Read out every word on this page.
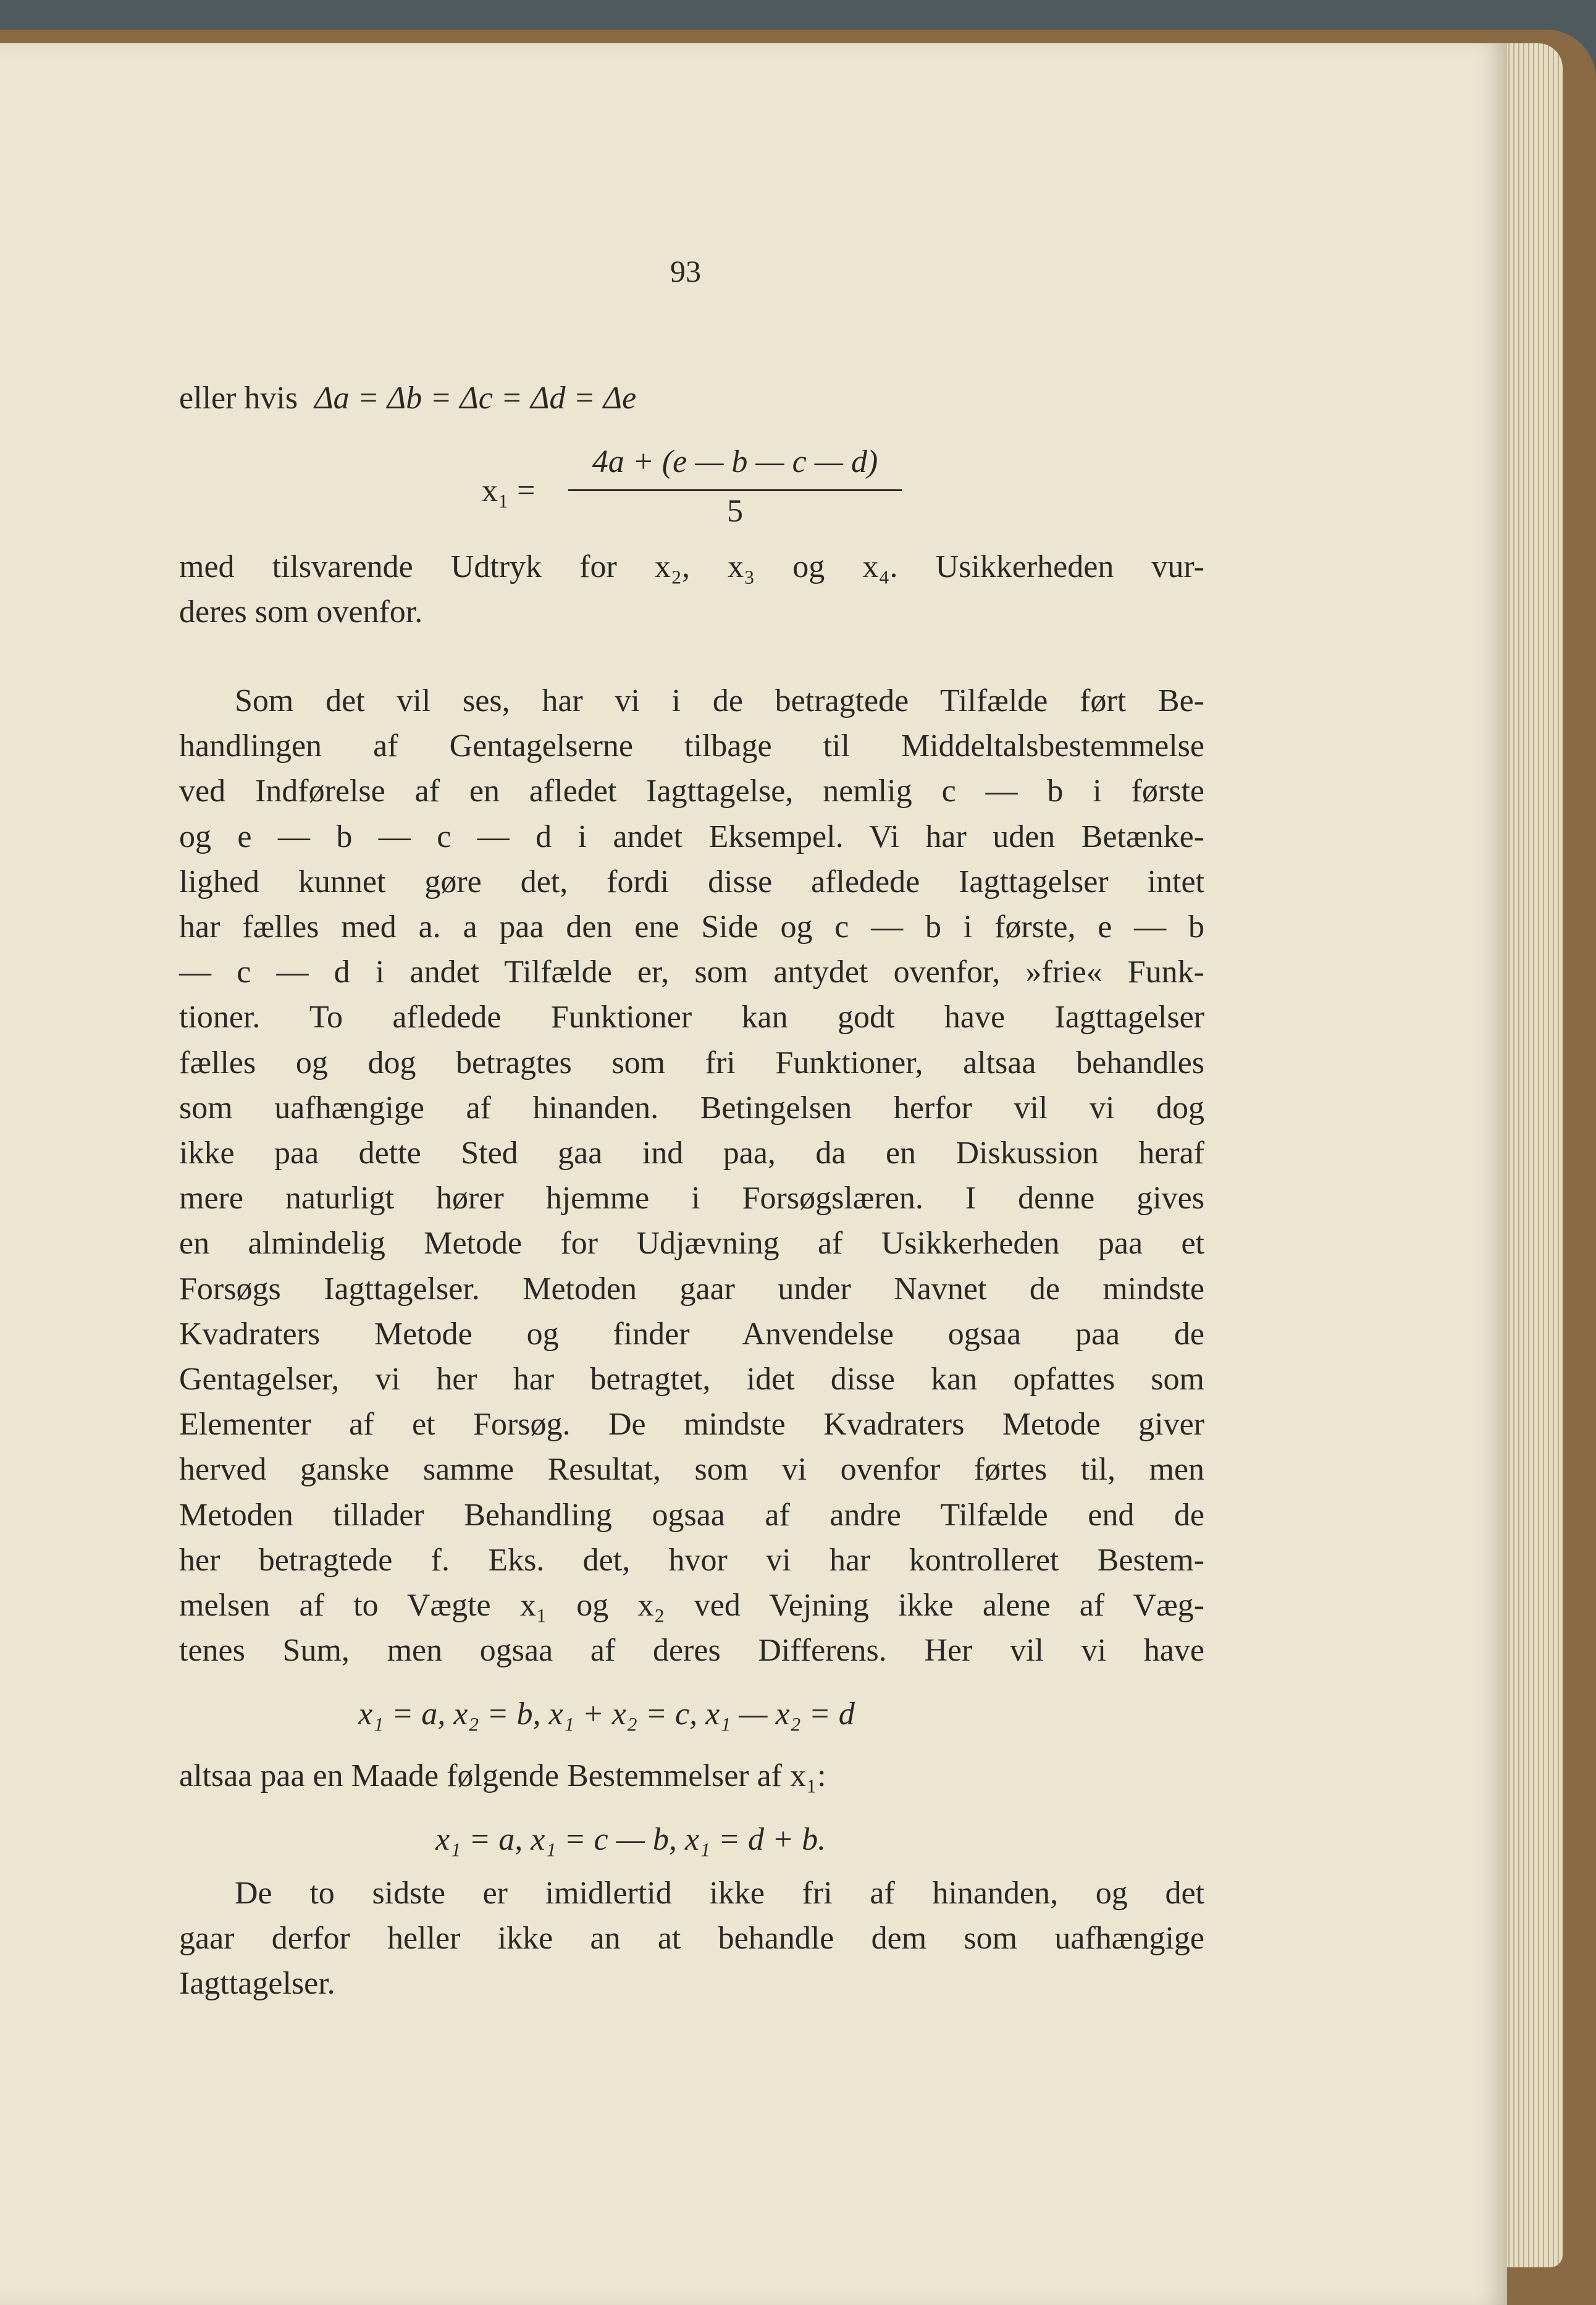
93
eller hvis Δa = Δb = Δc = Δd = Δe
x₁ =
4a + (e — b — c — d)
5
med tilsvarende Udtryk for x₂, x₃ og x₄. Usikkerheden vur-
deres som ovenfor.
Som det vil ses, har vi i de betragtede Tilfælde ført Be-
handlingen af Gentagelserne tilbage til Middeltalsbestemmelse
ved Indførelse af en afledet Iagttagelse, nemlig c — b i første
og e — b — c — d i andet Eksempel. Vi har uden Betænke-
lighed kunnet gøre det, fordi disse afledede Iagttagelser intet
har fælles med a. a paa den ene Side og c — b i første, e — b
— c — d i andet Tilfælde er, som antydet ovenfor, »frie« Funk-
tioner. To afledede Funktioner kan godt have Iagttagelser
fælles og dog betragtes som fri Funktioner, altsaa behandles
som uafhængige af hinanden. Betingelsen herfor vil vi dog
ikke paa dette Sted gaa ind paa, da en Diskussion heraf
mere naturligt hører hjemme i Forsøgslæren. I denne gives
en almindelig Metode for Udjævning af Usikkerheden paa et
Forsøgs Iagttagelser. Metoden gaar under Navnet de mindste
Kvadraters Metode og finder Anvendelse ogsaa paa de
Gentagelser, vi her har betragtet, idet disse kan opfattes som
Elementer af et Forsøg. De mindste Kvadraters Metode giver
herved ganske samme Resultat, som vi ovenfor førtes til, men
Metoden tillader Behandling ogsaa af andre Tilfælde end de
her betragtede f. Eks. det, hvor vi har kontrolleret Bestem-
melsen af to Vægte x₁ og x₂ ved Vejning ikke alene af Væg-
tenes Sum, men ogsaa af deres Differens. Her vil vi have
x₁ = a, x₂ = b, x₁ + x₂ = c, x₁ — x₂ = d
altsaa paa en Maade følgende Bestemmelser af x₁:
x₁ = a, x₁ = c — b, x₁ = d + b.
De to sidste er imidlertid ikke fri af hinanden, og det
gaar derfor heller ikke an at behandle dem som uafhængige
Iagttagelser.
